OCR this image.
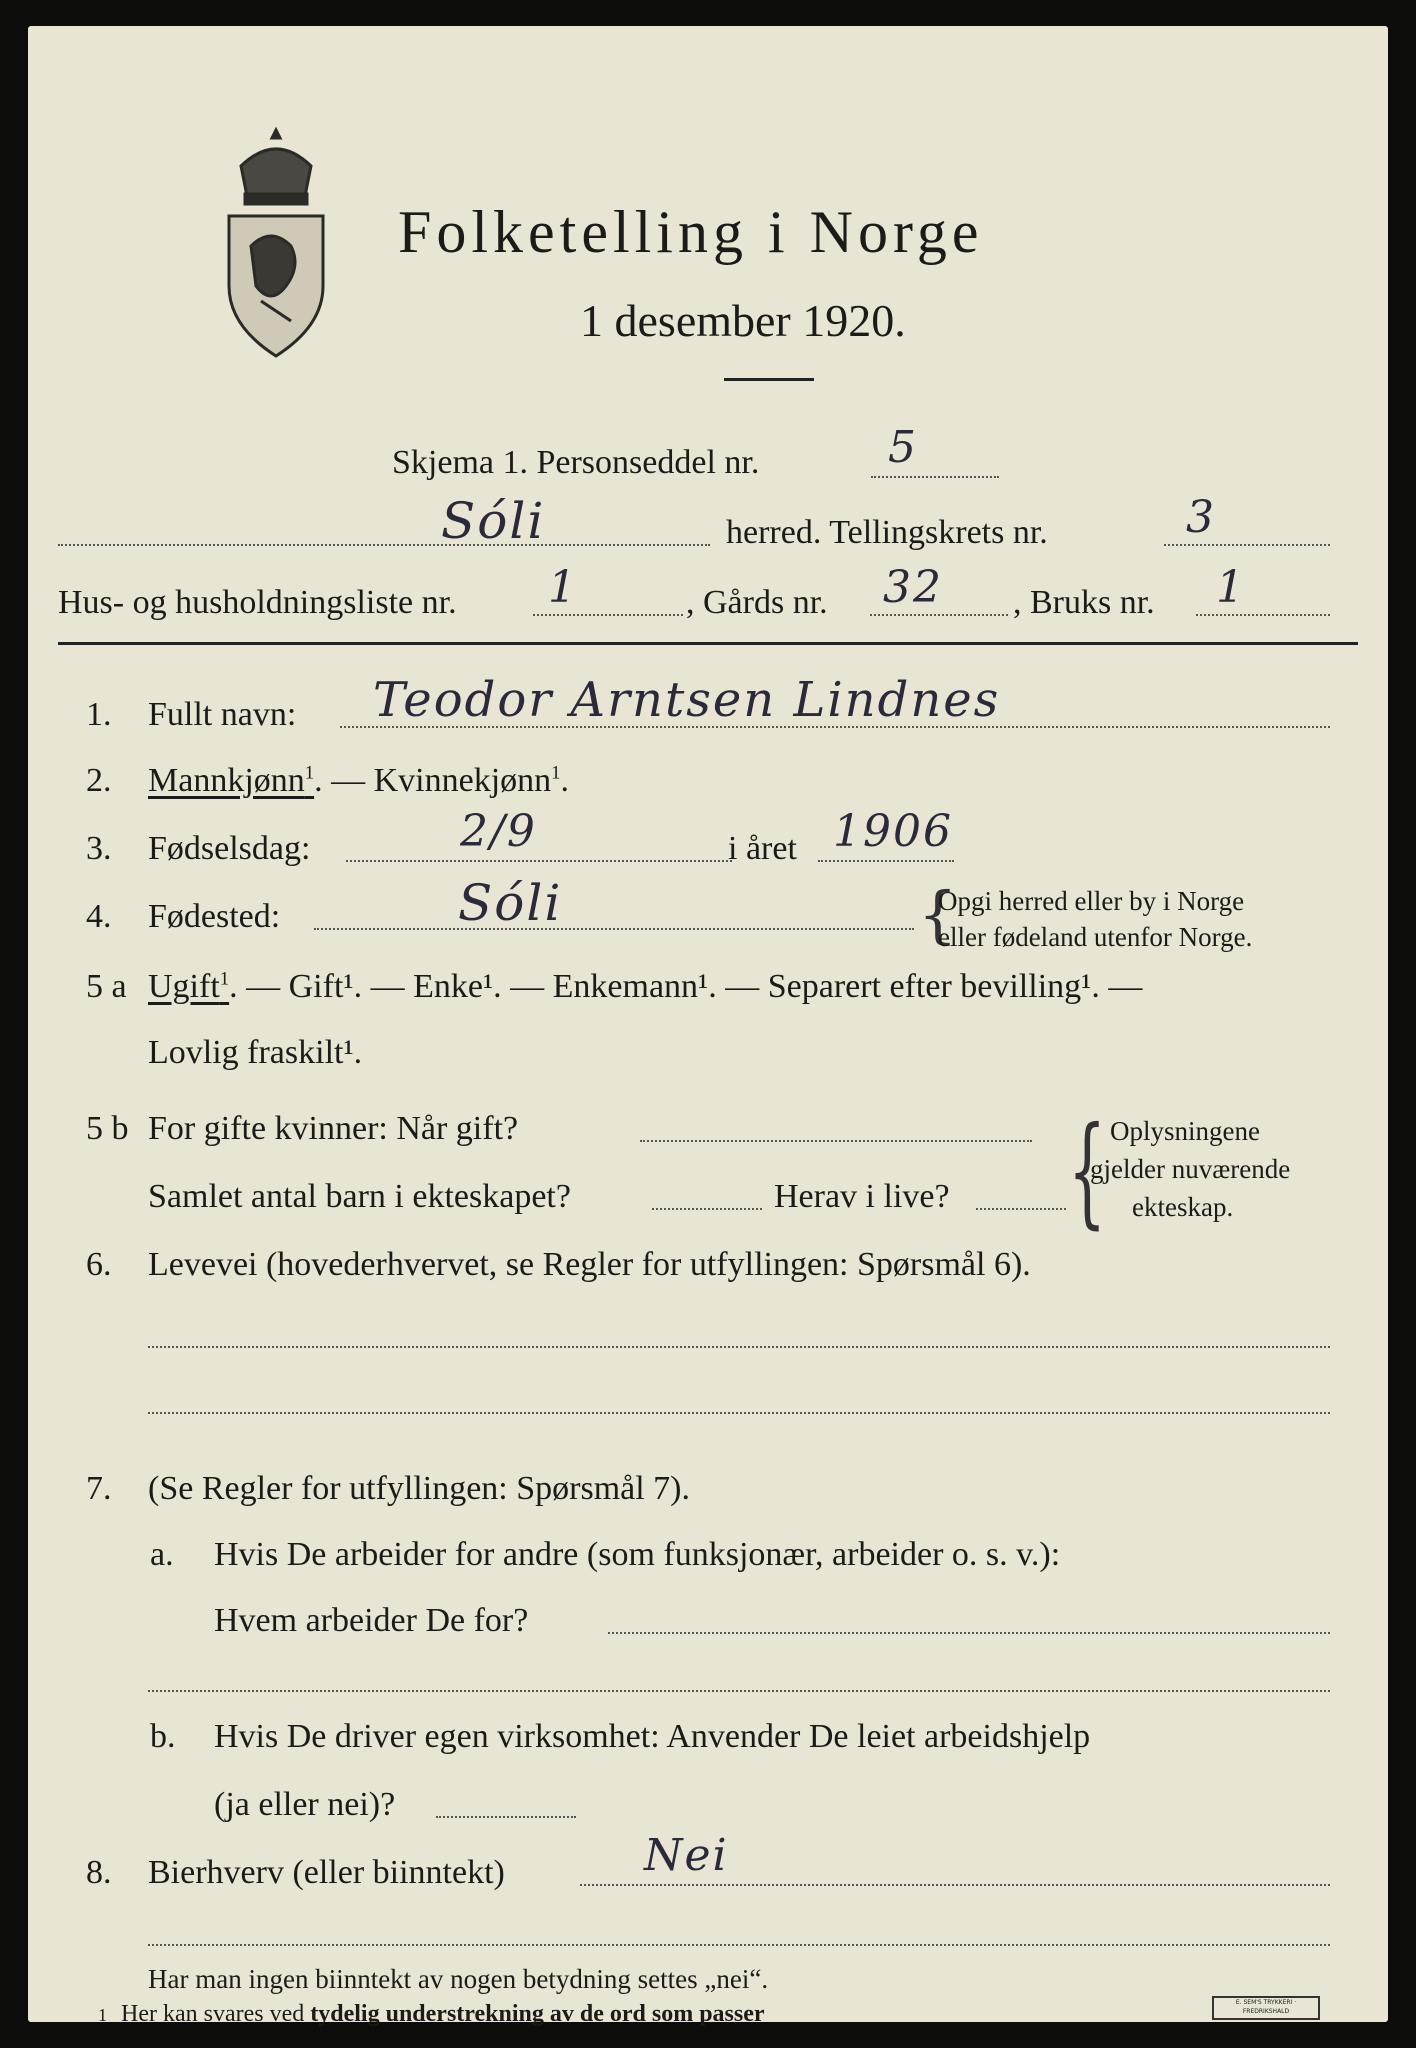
Folketelling i Norge
1 desember 1920.
Skjema 1. Personseddel nr.	5
Sóli	herred. Tellingskrets nr.	3
Hus- og husholdningsliste nr. 1	, Gårds nr. 32 , Bruks nr. 1
1. Fullt navn: Teodor Arntsen Lindnes
2. Mannkjønn$^1$. — Kvinnekjønn$^1$.
3. Fødselsdag:	2/9	i året 1906
4. Fødested:	Sóli	{
Opgi herred eller by i Norge
eller fødeland utenfor Norge.
5 a Ugift$^1$. — Gift¹. — Enke¹. — Enkemann¹. — Separert efter bevilling¹. —
Lovlig fraskilt¹.
5 b For gifte kvinner: Når gift?
Samlet antal barn i ekteskapet?	Herav i live? { Oplysningene
gjelder nuværende
ekteskap.
6. Levevei (hovederhvervet, se Regler for utfyllingen: Spørsmål 6).
7. (Se Regler for utfyllingen: Spørsmål 7).
a. Hvis De arbeider for andre (som funksjonær, arbeider o. s. v.):
Hvem arbeider De for?
b. Hvis De driver egen virksomhet: Anvender De leiet arbeidshjelp
(ja eller nei)?
8. Bierhverv (eller biinntekt)	Nei
Har man ingen biinntekt av nogen betydning settes „nei“.
1 Her kan svares ved tydelig understrekning av de ord som passer	E. SEM'S TRYKKERI · FREDRIKSHALD
